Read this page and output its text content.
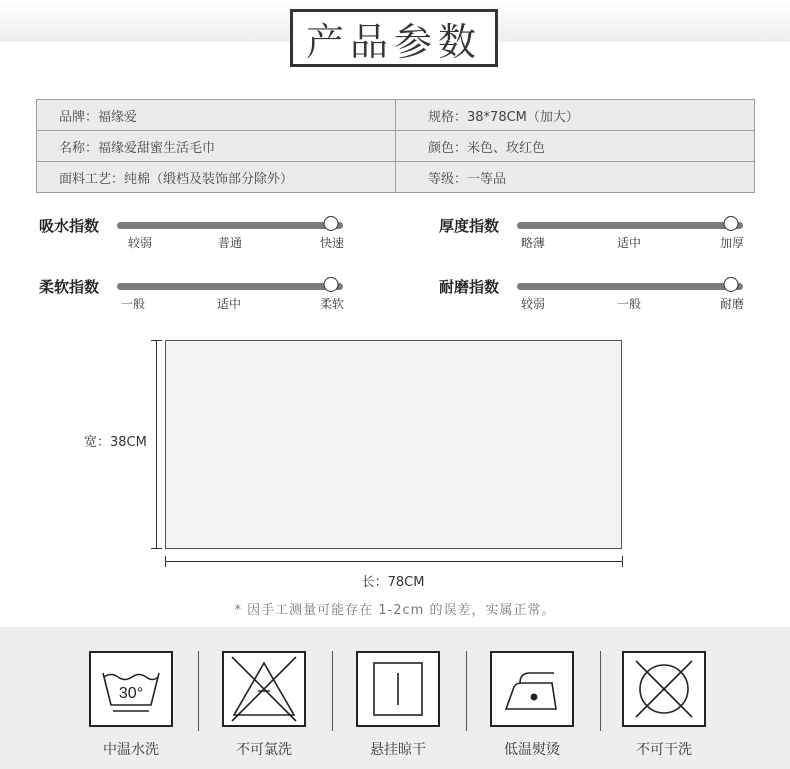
产品参数
品牌：福缘爱	规格：38*78CM（加大）
名称：福缘爱甜蜜生活毛巾	颜色：米色、玫红色
面料工艺：纯棉（缎档及装饰部分除外）	等级：一等品
吸水指数
较弱	普通	快速
厚度指数
略薄	适中	加厚
柔软指数
一般	适中	柔软
耐磨指数
较弱	一般	耐磨
宽：38CM
长：78CM
* 因手工测量可能存在 1-2cm 的误差，实属正常。
30°
中温水洗	不可氯洗	悬挂晾干	低温熨烫	不可干洗
